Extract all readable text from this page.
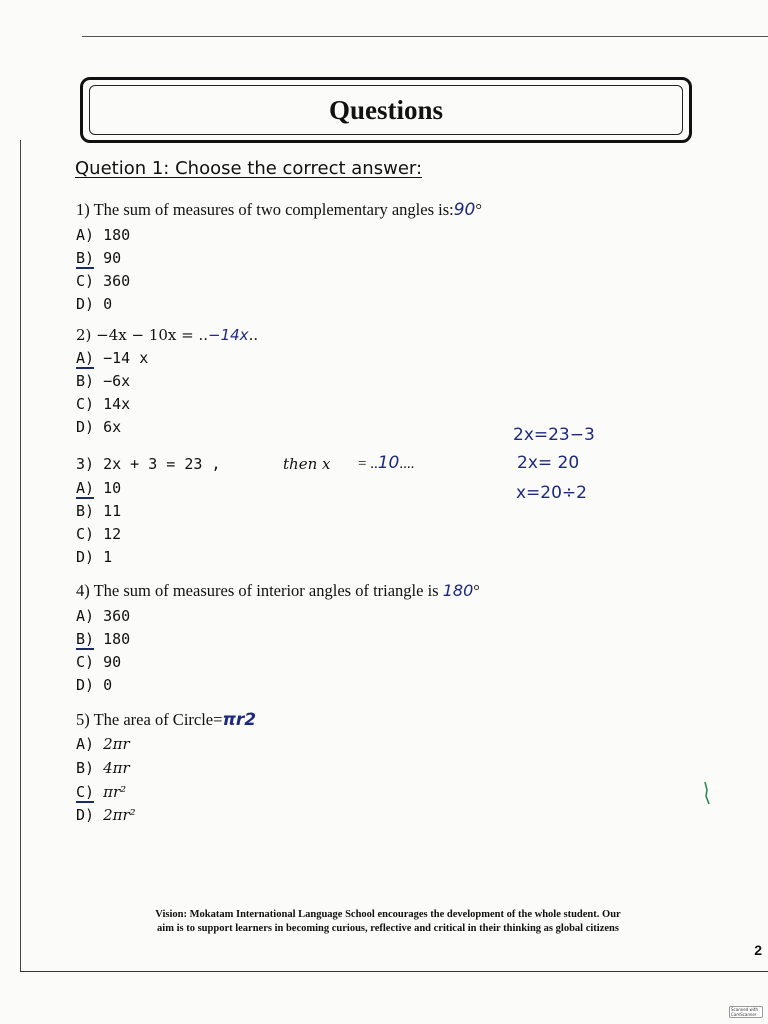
Questions
Quetion 1: Choose the correct answer:
1) The sum of measures of two complementary angles is:90°
A) 180
B) 90
C) 360
D) 0
2) −4x − 10x = ..−14x..
A) −14 x
B) −6x
C) 14x
D) 6x
3) 2x + 3 = 23 ,	then x = ..10....
A) 10
B) 11
C) 12
D) 1
2x=23−3
2x= 20
x=20÷2
4) The sum of measures of interior angles of triangle is 180°
A) 360
B) 180
C) 90
D) 0
5) The area of Circle=πr2
A) 2πr
B) 4πr
C) πr²
D) 2πr²
Vision: Mokatam International Language School encourages the development of the whole student. Our
aim is to support learners in becoming curious, reflective and critical in their thinking as global citizens
2
Scanned with CamScanner
